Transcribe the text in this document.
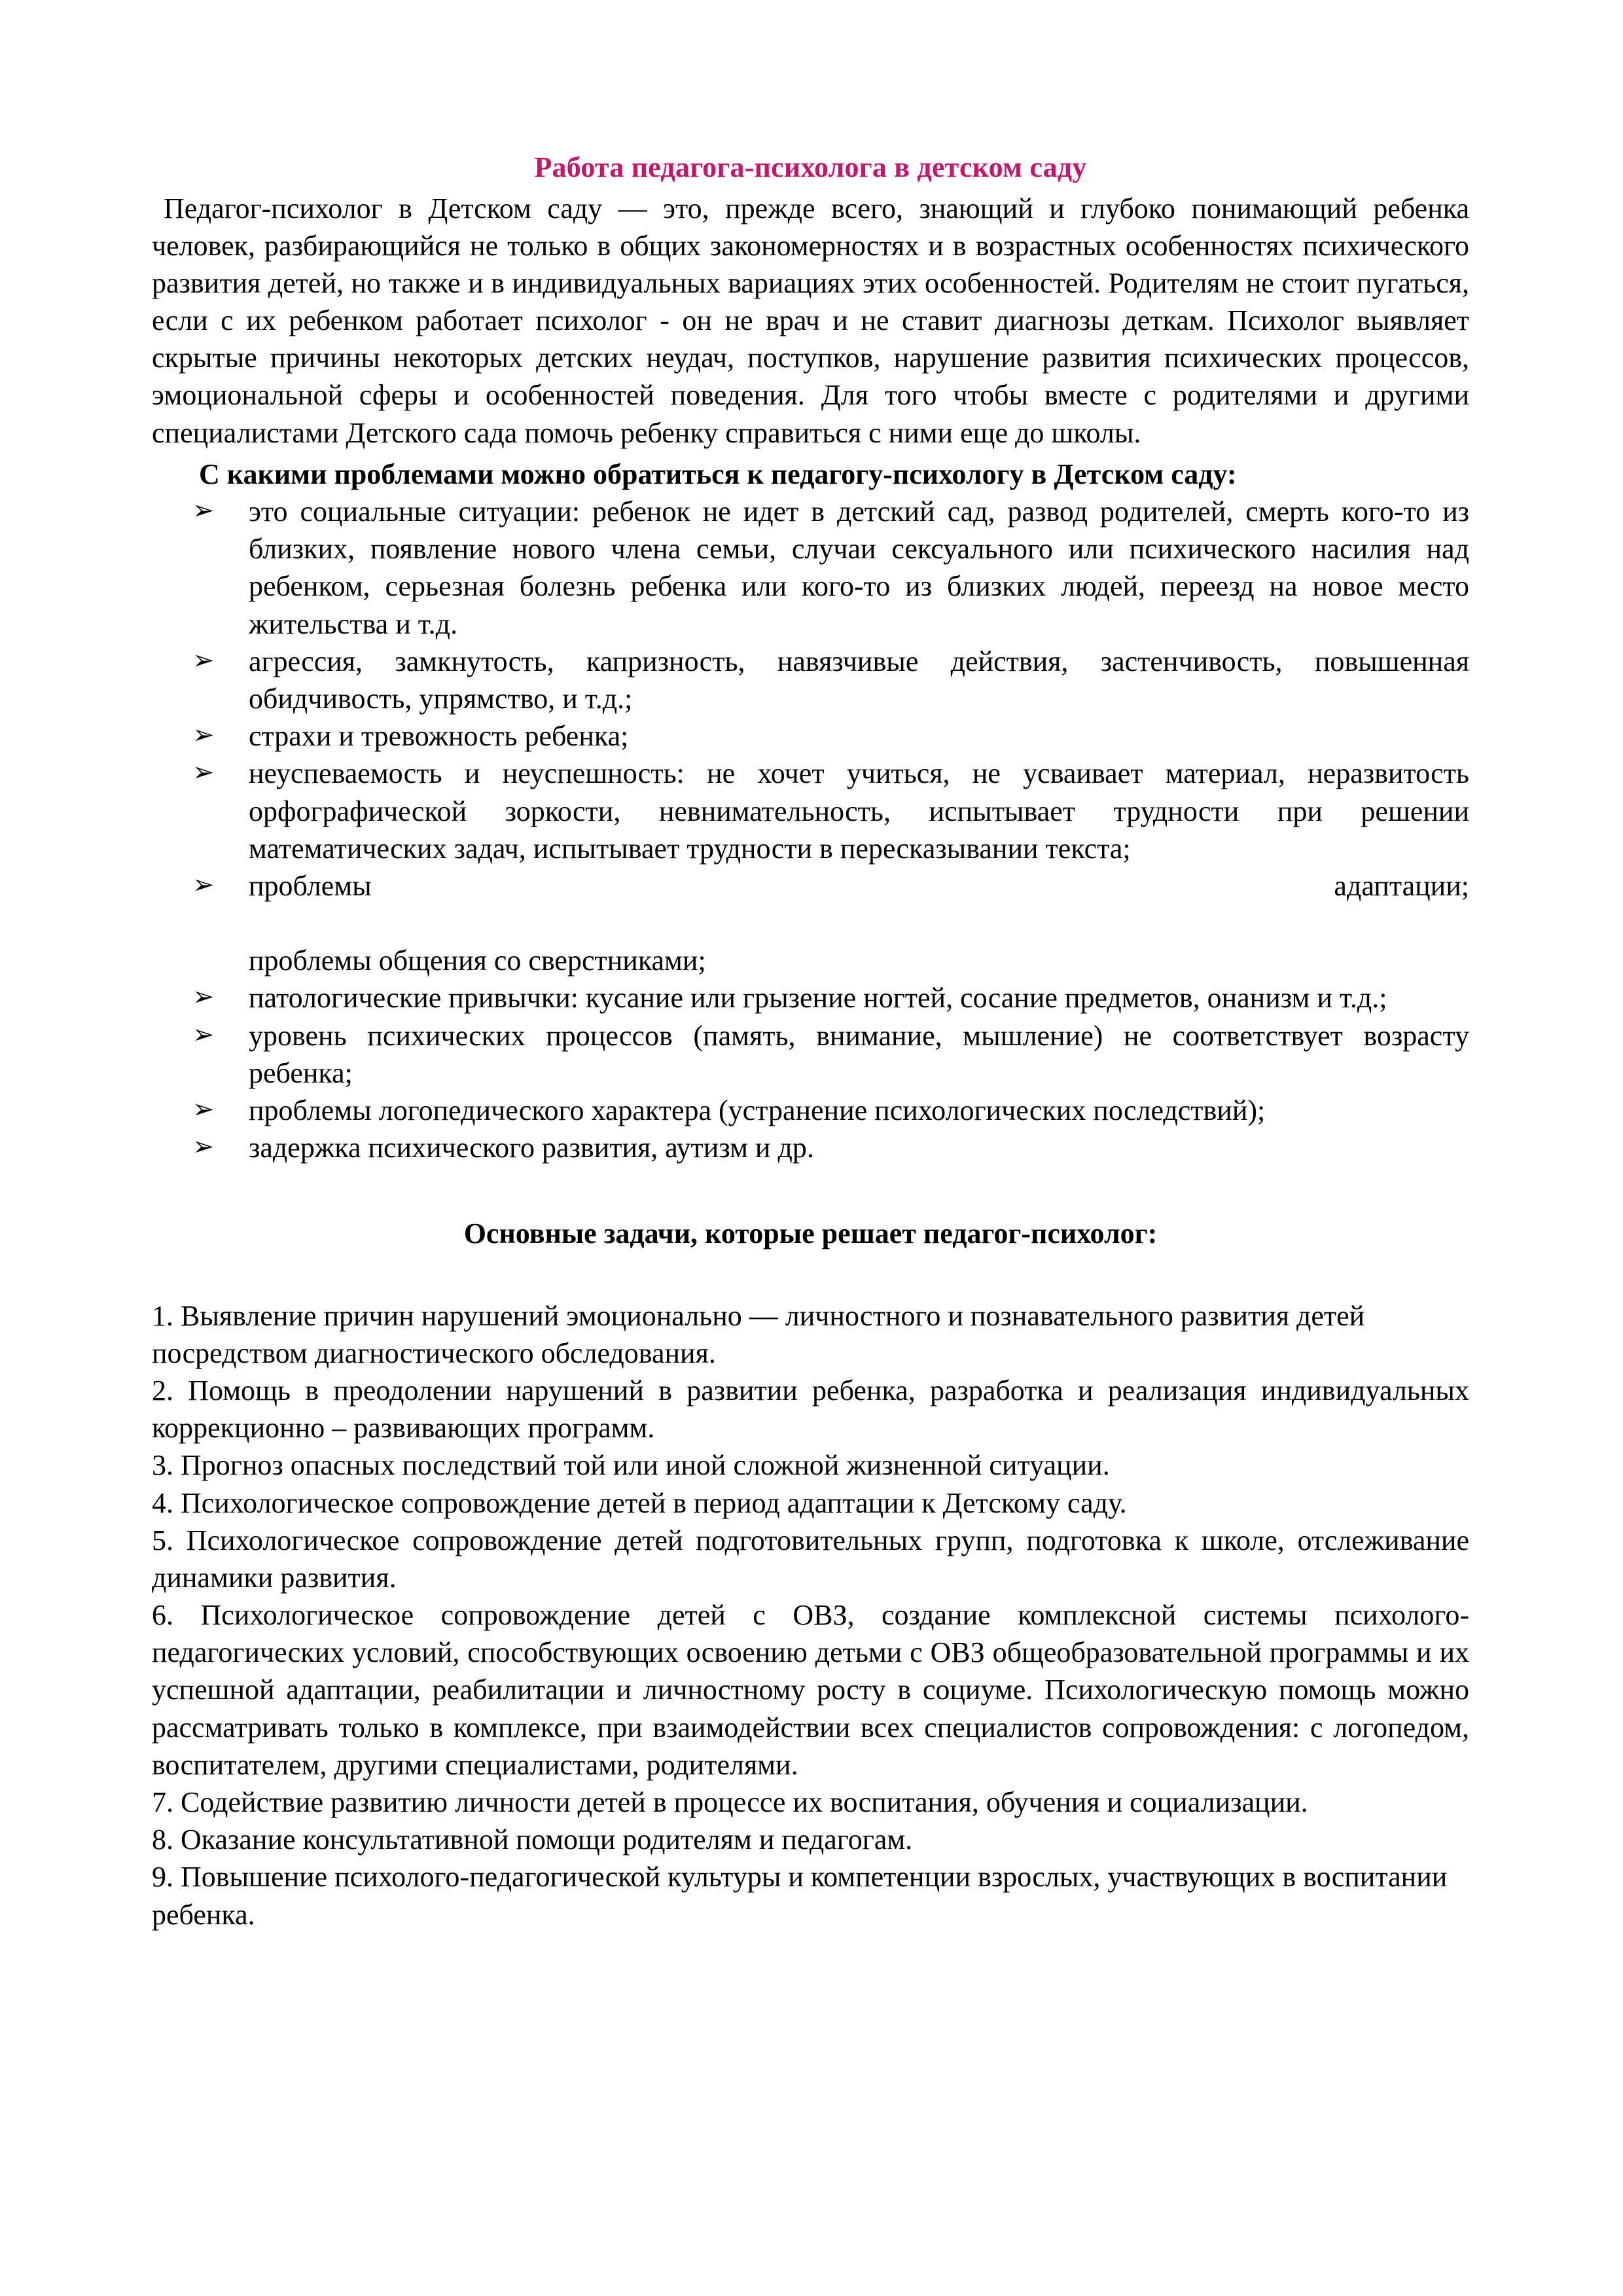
Работа педагога-психолога в детском саду

Педагог-психолог в Детском саду — это, прежде всего, знающий и глубоко понимающий ребенка человек, разбирающийся не только в общих закономерностях и в возрастных особенностях психического развития детей, но также и в индивидуальных вариациях этих особенностей. Родителям не стоит пугаться, если с их ребенком работает психолог - он не врач и не ставит диагнозы деткам. Психолог выявляет скрытые причины некоторых детских неудач, поступков, нарушение развития психических процессов, эмоциональной сферы и особенностей поведения. Для того чтобы вместе с родителями и другими специалистами Детского сада помочь ребенку справиться с ними еще до школы.

С какими проблемами можно обратиться к педагогу-психологу в Детском саду:

➢ это социальные ситуации: ребенок не идет в детский сад, развод родителей, смерть кого-то из близких, появление нового члена семьи, случаи сексуального или психического насилия над ребенком, серьезная болезнь ребенка или кого-то из близких людей, переезд на новое место жительства и т.д.
➢ агрессия, замкнутость, капризность, навязчивые действия, застенчивость, повышенная обидчивость, упрямство, и т.д.;
➢ страхи и тревожность ребенка;
➢ неуспеваемость и неуспешность: не хочет учиться, не усваивает материал, неразвитость орфографической зоркости, невнимательность, испытывает трудности при решении математических задач, испытывает трудности в пересказывании текста;
➢ проблемы адаптации;
проблемы общения со сверстниками;
➢ патологические привычки: кусание или грызение ногтей, сосание предметов, онанизм и т.д.;
➢ уровень психических процессов (память, внимание, мышление) не соответствует возрасту ребенка;
➢ проблемы логопедического характера (устранение психологических последствий);
➢ задержка психического развития, аутизм и др.
Основные задачи, которые решает педагог-психолог:

1. Выявление причин нарушений эмоционально — личностного и познавательного развития детей посредством диагностического обследования.

2. Помощь в преодолении нарушений в развитии ребенка, разработка и реализация индивидуальных коррекционно – развивающих программ.

3. Прогноз опасных последствий той или иной сложной жизненной ситуации.

4. Психологическое сопровождение детей в период адаптации к Детскому саду.

5. Психологическое сопровождение детей подготовительных групп, подготовка к школе, отслеживание динамики развития.

6. Психологическое сопровождение детей с ОВЗ, создание комплексной системы психолого-педагогических условий, способствующих освоению детьми с ОВЗ общеобразовательной программы и их успешной адаптации, реабилитации и личностному росту в социуме. Психологическую помощь можно рассматривать только в комплексе, при взаимодействии всех специалистов сопровождения: с логопедом, воспитателем, другими специалистами, родителями.

7. Содействие развитию личности детей в процессе их воспитания, обучения и социализации.

8. Оказание консультативной помощи родителям и педагогам.

9. Повышение психолого-педагогической культуры и компетенции взрослых, участвующих в воспитании ребенка.
